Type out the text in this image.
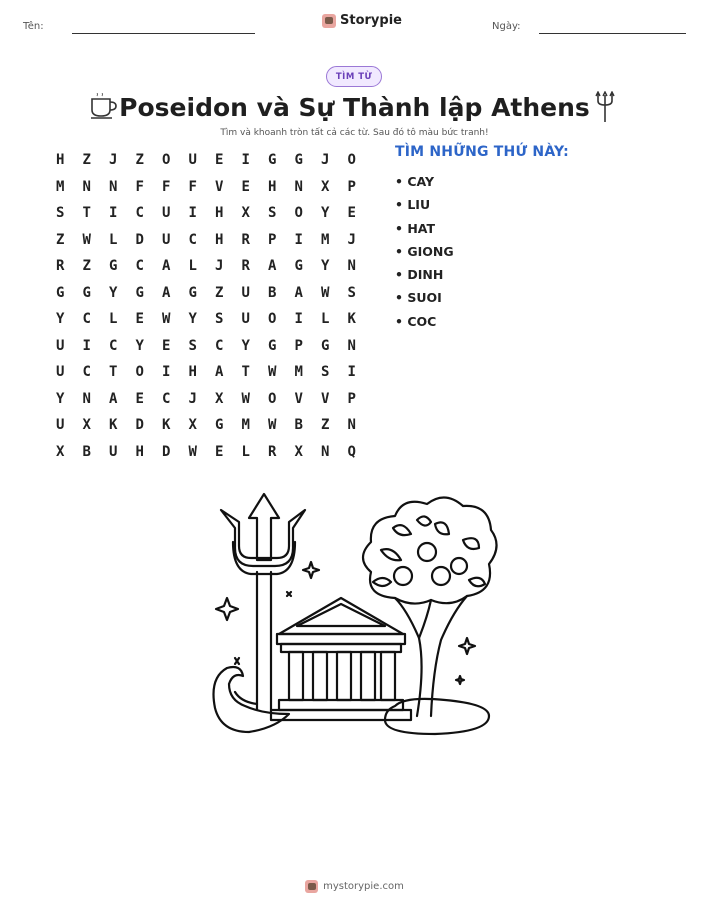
Tên:	Storypie	Ngày:
TÌM TỪ
Poseidon và Sự Thành lập Athens
Tìm và khoanh tròn tất cả các từ. Sau đó tô màu bức tranh!
H	Z	J	Z	O	U	E	I	G	G	J	O
M	N	N	F	F	F	V	E	H	N	X	P
S	T	I	C	U	I	H	X	S	O	Y	E
Z	W	L	D	U	C	H	R	P	I	M	J
R	Z	G	C	A	L	J	R	A	G	Y	N
G	G	Y	G	A	G	Z	U	B	A	W	S
Y	C	L	E	W	Y	S	U	O	I	L	K
U	I	C	Y	E	S	C	Y	G	P	G	N
U	C	T	O	I	H	A	T	W	M	S	I
Y	N	A	E	C	J	X	W	O	V	V	P
U	X	K	D	K	X	G	M	W	B	Z	N
X	B	U	H	D	W	E	L	R	X	N	Q
TÌM NHỮNG THỨ NÀY:
• CAY
• LIU
• HAT
• GIONG
• DINH
• SUOI
• COC
mystorypie.com
